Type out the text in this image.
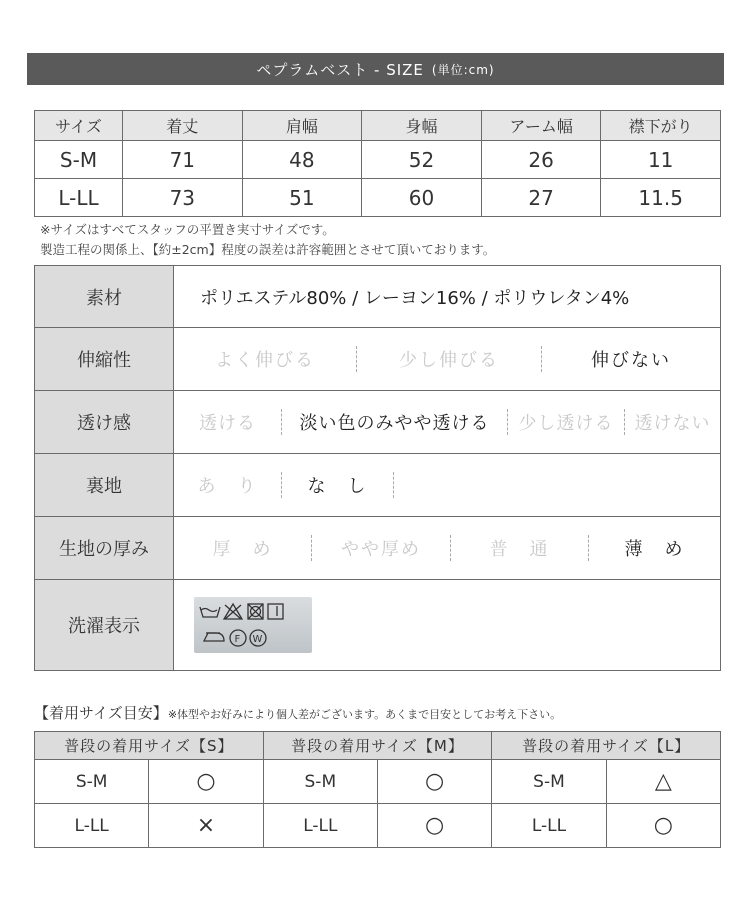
ペプラムベスト - SIZE (単位:cm)
サイズ	着丈	肩幅	身幅	アーム幅	襟下がり
S-M	71	48	52	26	11
L-LL	73	51	60	27	11.5
※サイズはすべてスタッフの平置き実寸サイズです。
製造工程の関係上、【約±2cm】程度の誤差は許容範囲とさせて頂いております。
素材	ポリエステル80% / レーヨン16% / ポリウレタン4%

伸縮性	よく伸びる 少し伸びる 伸びない

透け感	透ける 淡い色のみやや透ける 少し透ける 透けない

裏地	あ　り な　し

生地の厚み	厚　め やや厚め 普　通 薄　め

洗濯表示	F W
【着用サイズ目安】※体型やお好みにより個人差がございます。あくまで目安としてお考え下さい。
普段の着用サイズ【S】		普段の着用サイズ【M】		普段の着用サイズ【L】	
S-M	○	S-M	○	S-M	△
L-LL	×	L-LL	○	L-LL	○
